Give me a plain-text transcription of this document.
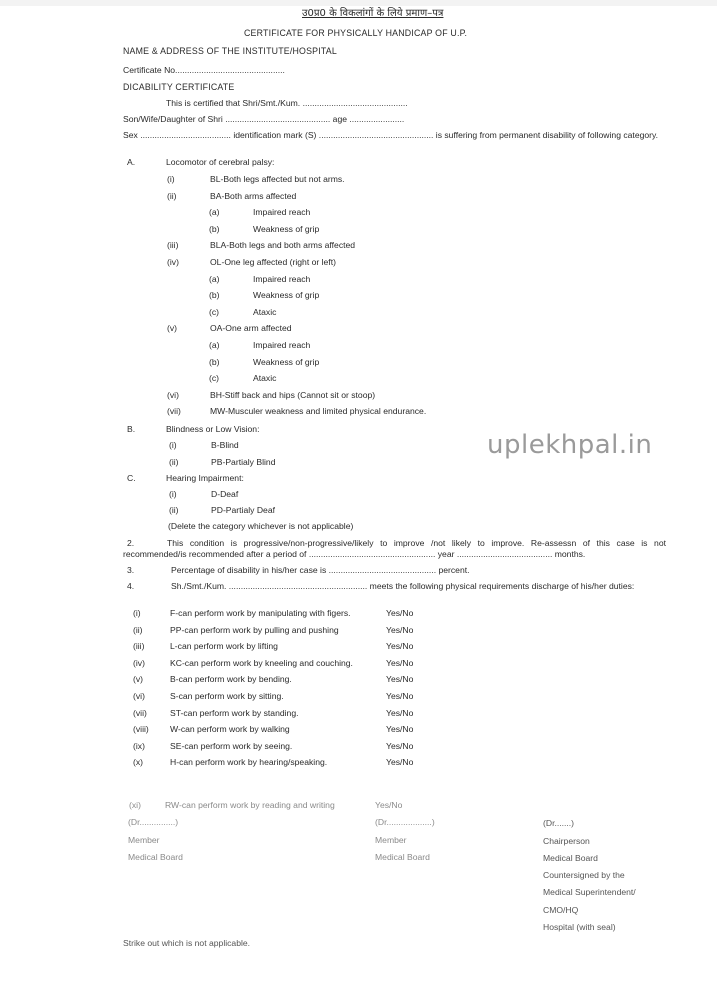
उ0प्र0 के विकलांगों के लिये प्रमाण–पत्र
CERTIFICATE FOR PHYSICALLY HANDICAP OF U.P.
NAME & ADDRESS OF THE INSTITUTE/HOSPITAL
Certificate No..............................................
DICABILITY CERTIFICATE
This is certified that Shri/Smt./Kum. ............................................
Son/Wife/Daughter of Shri ............................................ age .......................
Sex ...................................... identification mark (S) ................................................ is suffering from permanent disability of following category.
A.	Locomotor of cerebral palsy:
(i)	BL-Both legs affected but not arms.
(ii)	BA-Both arms affected
(a)	Impaired reach
(b)	Weakness of grip
(iii)	BLA-Both legs and both arms affected
(iv)	OL-One leg affected (right or left)
(a)	Impaired reach
(b)	Weakness of grip
(c)	Ataxic
(v)	OA-One arm affected
(a)	Impaired reach
(b)	Weakness of grip
(c)	Ataxic
(vi)	BH-Stiff back and hips (Cannot sit or stoop)
(vii)	MW-Musculer weakness and limited physical endurance.
B.	Blindness or Low Vision:
(i)	B-Blind
(ii)	PB-Partialy Blind
C.	Hearing Impairment:
(i)	D-Deaf
(ii)	PD-Partialy Deaf
(Delete the category whichever is not applicable)
2.	This condition is progressive/non-progressive/likely to improve /not likely to improve. Re-assessn of this case is not recommended/is recommended after a period of ..................................................... year ........................................ months.
3.	Percentage of disability in his/her case is ............................................. percent.
4.	Sh./Smt./Kum. .......................................................... meets the following physical requirements discharge of his/her duties:
(i)	F-can perform work by manipulating with figers.	Yes/No
(ii)	PP-can perform work by pulling and pushing	Yes/No
(iii)	L-can perform work by lifting	Yes/No
(iv)	KC-can perform work by kneeling and couching.	Yes/No
(v)	B-can perform work by bending.	Yes/No
(vi)	S-can perform work by sitting.	Yes/No
(vii)	ST-can perform work by standing.	Yes/No
(viii) W-can perform work by walking	Yes/No
(ix)	SE-can perform work by seeing.	Yes/No
(x)	H-can perform work by hearing/speaking.	Yes/No
(xi)	RW-can perform work by reading and writing	Yes/No
(Dr...............)
Member
Medical Board
(Dr...................)
Member
Medical Board
(Dr.......)
Chairperson
Medical Board
Countersigned by the
Medical Superintendent/
CMO/HQ
Hospital (with seal)
Strike out which is not applicable.
uplekhpal.in
